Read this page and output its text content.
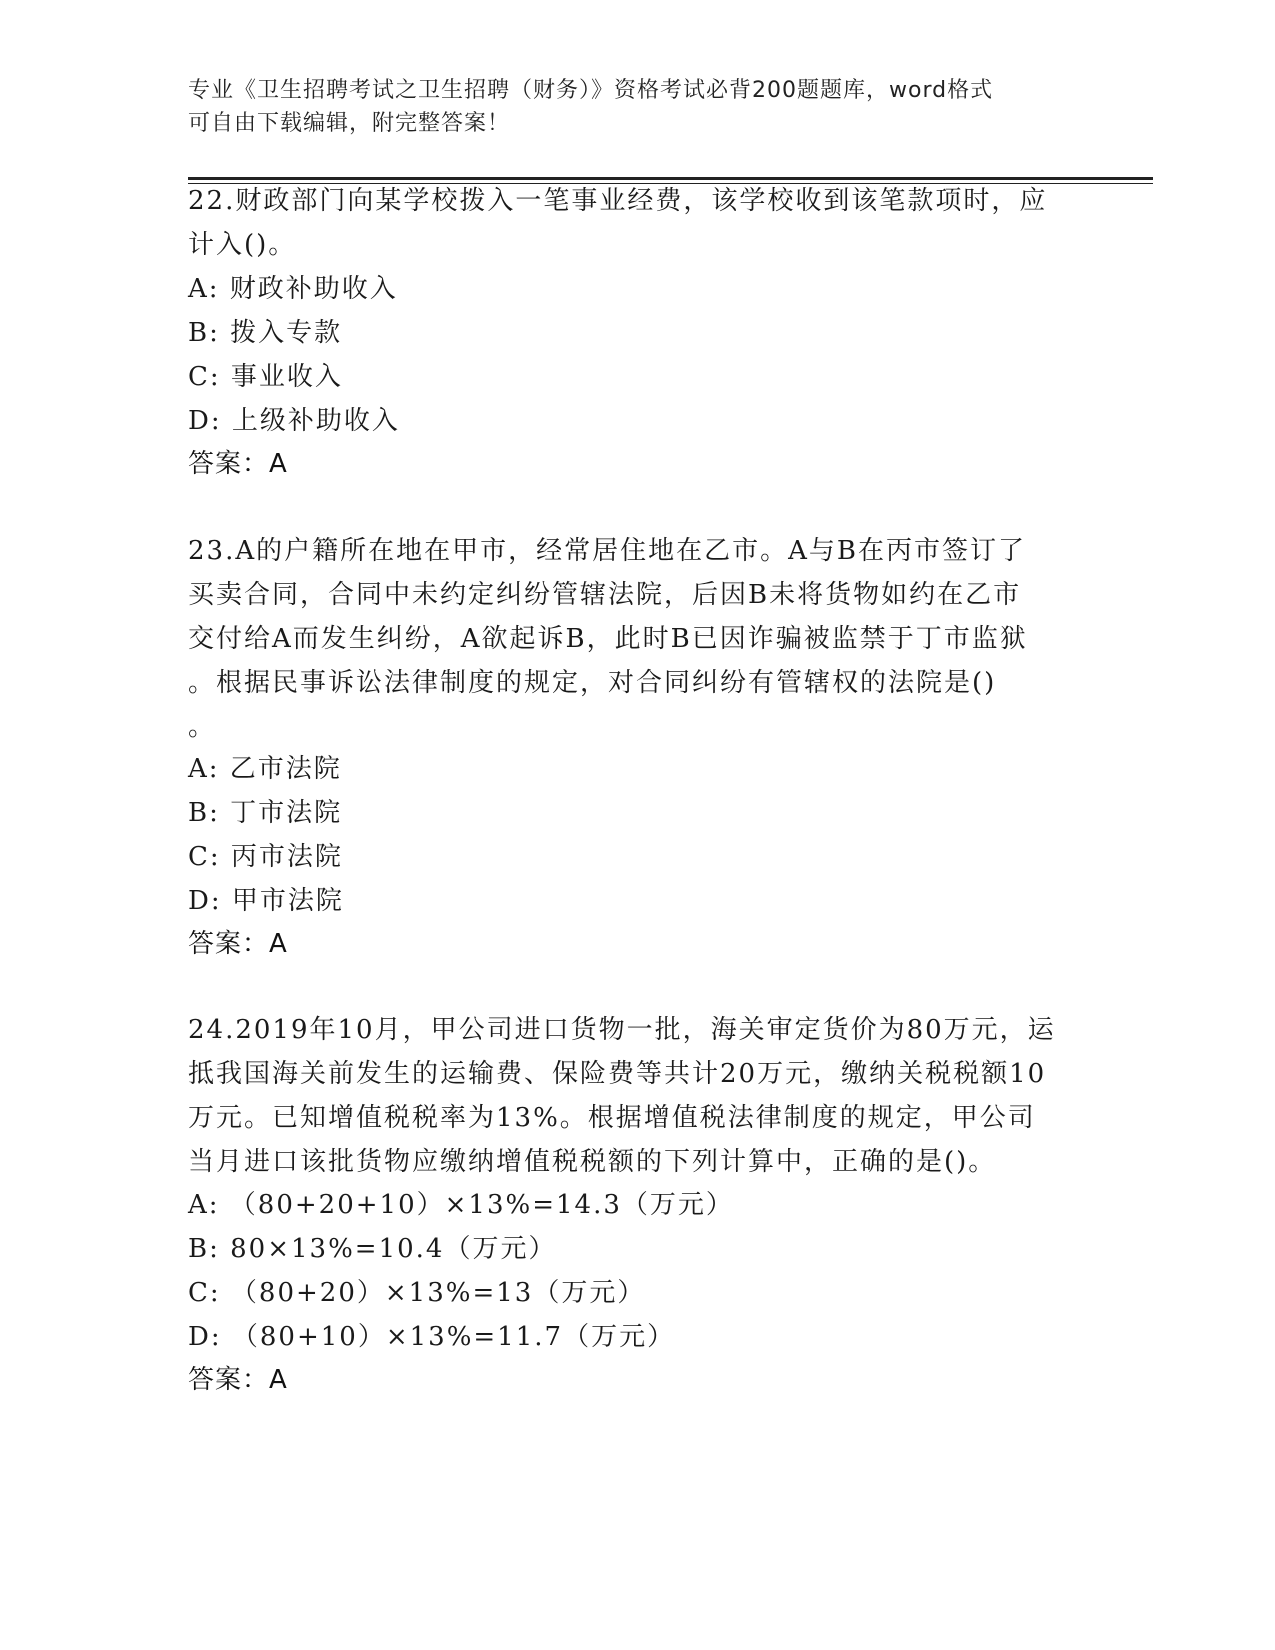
专业《卫生招聘考试之卫生招聘（财务）》资格考试必背200题题库，word格式
可自由下载编辑，附完整答案！
22.财政部门向某学校拨入一笔事业经费，该学校收到该笔款项时，应
计入()。
A: 财政补助收入
B: 拨入专款
C: 事业收入
D: 上级补助收入
答案：A
23.A的户籍所在地在甲市，经常居住地在乙市。A与B在丙市签订了
买卖合同，合同中未约定纠纷管辖法院，后因B未将货物如约在乙市
交付给A而发生纠纷，A欲起诉B，此时B已因诈骗被监禁于丁市监狱
。根据民事诉讼法律制度的规定，对合同纠纷有管辖权的法院是()
。
A: 乙市法院
B: 丁市法院
C: 丙市法院
D: 甲市法院
答案：A
24.2019年10月，甲公司进口货物一批，海关审定货价为80万元，运
抵我国海关前发生的运输费、保险费等共计20万元，缴纳关税税额10
万元。已知增值税税率为13%。根据增值税法律制度的规定，甲公司
当月进口该批货物应缴纳增值税税额的下列计算中，正确的是()。
A: （80+20+10）×13%=14.3（万元）
B: 80×13%=10.4（万元）
C: （80+20）×13%=13（万元）
D: （80+10）×13%=11.7（万元）
答案：A
